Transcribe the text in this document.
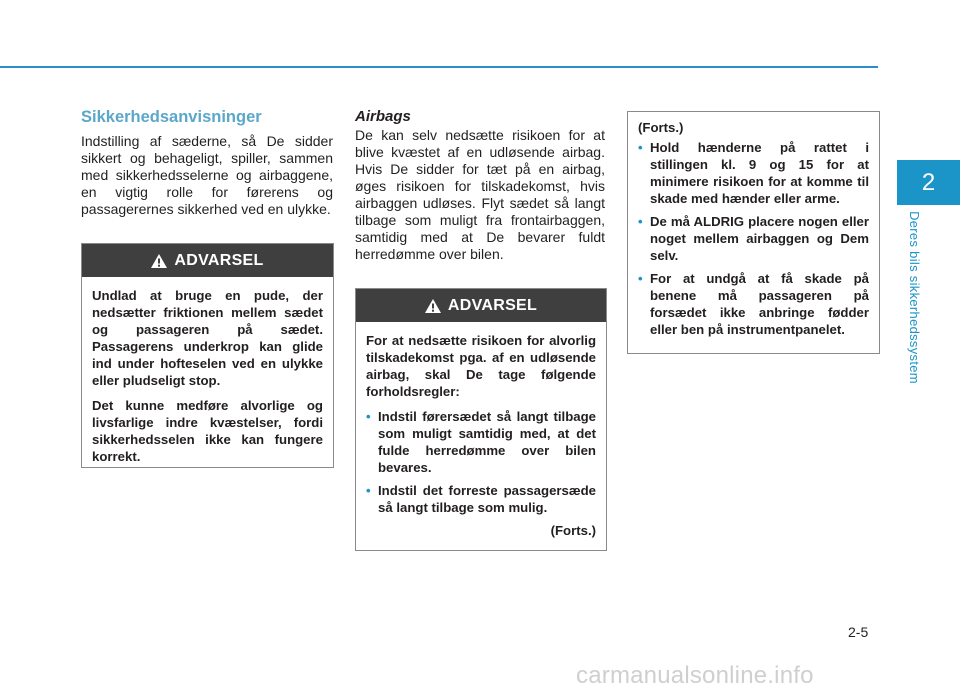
2
Deres bils sikkerhedssystem
Sikkerhedsanvisninger

Indstilling af sæderne, så De sidder sikkert og behageligt, spiller, sammen med sikkerhedsselerne og airbaggene, en vigtig rolle for førerens og passagerernes sikkerhed ved en ulykke.

ADVARSEL

Undlad at bruge en pude, der nedsætter friktionen mellem sædet og passageren på sædet. Passagerens underkrop kan glide ind under hofteselen ved en ulykke eller pludseligt stop.

Det kunne medføre alvorlige og livsfarlige indre kvæstelser, fordi sikkerhedsselen ikke kan fungere korrekt.

Airbags

De kan selv nedsætte risikoen for at blive kvæstet af en udløsende airbag. Hvis De sidder for tæt på en airbag, øges risikoen for tilskadekomst, hvis airbaggen udløses. Flyt sædet så langt tilbage som muligt fra frontairbaggen, samtidig med at De bevarer fuldt herredømme over bilen.

ADVARSEL

For at nedsætte risikoen for alvorlig tilskadekomst pga. af en udløsende airbag, skal De tage følgende forholdsregler:

• Indstil førersædet så langt tilbage som muligt samtidig med, at det fulde herredømme over bilen bevares.
• Indstil det forreste passagersæde så langt tilbage som mulig.
(Forts.)
(Forts.)
• Hold hænderne på rattet i stillingen kl. 9 og 15 for at minimere risikoen for at komme til skade med hænder eller arme.
• De må ALDRIG placere nogen eller noget mellem airbaggen og Dem selv.
• For at undgå at få skade på benene må passageren på forsædet ikke anbringe fødder eller ben på instrumentpanelet.
2-5
carmanualsonline.info
